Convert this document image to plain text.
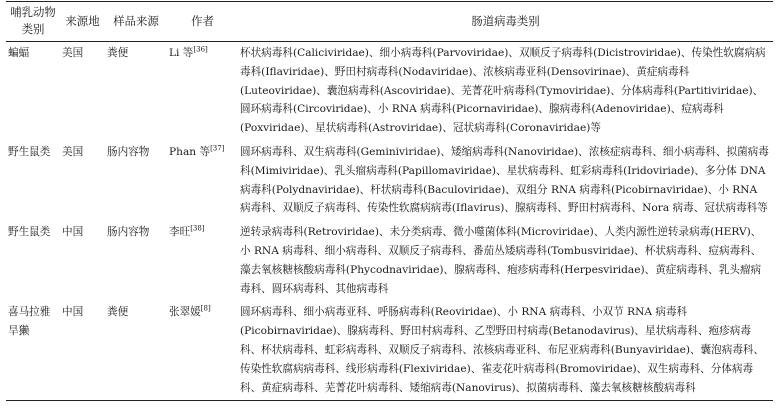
哺乳动物类别	来源地	样品来源	作者	肠道病毒类别
蝙蝠	美国	粪便	Li 等[36]	杯状病毒科(Caliciviridae)、细小病毒科(Parvoviridae)、双顺反子病毒科(Dicistroviridae)、传染性软腐病病毒科(Iflaviridae)、野田村病毒科(Nodaviridae)、浓核病毒亚科(Densovirinae)、黄症病毒科(Luteoviridae)、囊泡病毒科(Ascoviridae)、芜菁花叶病毒科(Tymoviridae)、分体病毒科(Partitiviridae)、圆环病毒科(Circoviridae)、小 RNA 病毒科(Picornaviridae)、腺病毒科(Adenoviridae)、痘病毒科(Poxviridae)、星状病毒科(Astroviridae)、冠状病毒科(Coronaviridae)等
野生鼠类	美国	肠内容物	Phan 等[37]	圆环病毒科、双生病毒科(Geminiviridae)、矮缩病毒科(Nanoviridae)、浓核症病毒科、细小病毒科、拟菌病毒科(Mimiviridae)、乳头瘤病毒科(Papillomaviridae)、星状病毒科、虹彩病毒科(Iridoviriade)、多分体 DNA 病毒科(Polydnaviridae)、杆状病毒科(Baculoviridae)、双组分 RNA 病毒科(Picobirnaviridae)、小 RNA 病毒科、双顺反子病毒科、传染性软腐病病毒(Iflavirus)、腺病毒科、野田村病毒科、Nora 病毒、冠状病毒科等
野生鼠类	中国	肠内容物	李旺[38]	逆转录病毒科(Retroviridae)、未分类病毒、微小噬菌体科(Microviridae)、人类内源性逆转录病毒(HERV)、小 RNA 病毒科、细小病毒科、双顺反子病毒科、番茄丛矮病毒科(Tombusviridae)、杯状病毒科、痘病毒科、藻去氧核糖核酸病毒科(Phycodnaviridae)、腺病毒科、疱疹病毒科(Herpesviridae)、黄症病毒科、乳头瘤病毒科、圆环病毒科、其他病毒科
喜马拉雅旱獭	中国	粪便	张翠媛[8]	圆环病毒科、细小病毒亚科、呼肠病毒科(Reoviridae)、小 RNA 病毒科、小双节 RNA 病毒科(Picobirnaviridae)、腺病毒科、野田村病毒科、乙型野田村病毒(Betanodavirus)、星状病毒科、疱疹病毒科、杯状病毒科、虹彩病毒科、双顺反子病毒科、浓核病毒亚科、布尼亚病毒科(Bunyaviridae)、囊泡病毒科、传染性软腐病病毒科、线形病毒科(Flexiviridae)、雀麦花叶病毒科(Bromoviridae)、双生病毒科、分体病毒科、黄症病毒科、芜菁花叶病毒科、矮缩病毒(Nanovirus)、拟菌病毒科、藻去氧核糖核酸病毒科
